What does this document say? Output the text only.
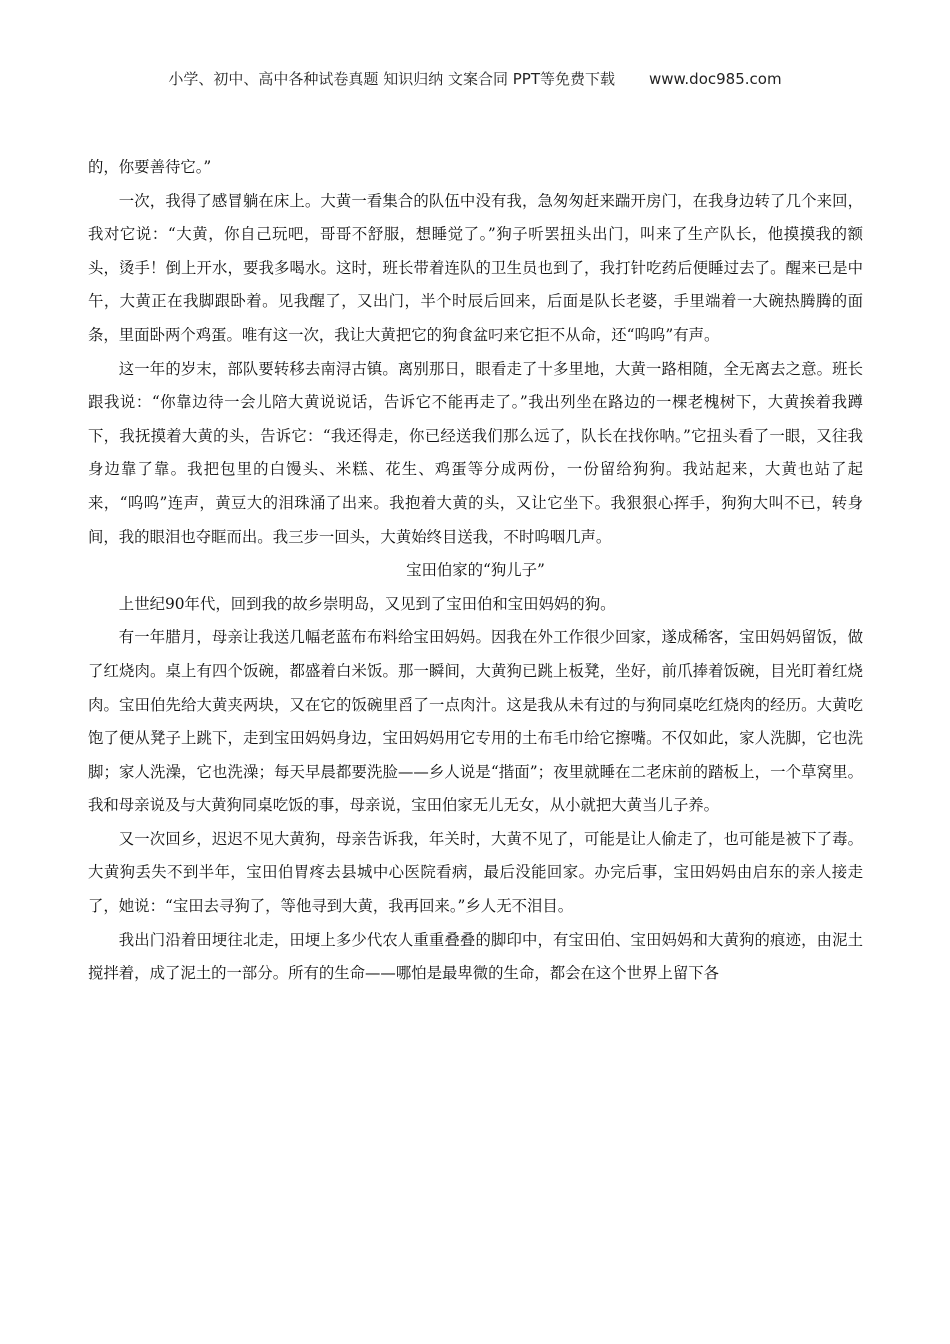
小学、初中、高中各种试卷真题 知识归纳 文案合同 PPT等免费下载 www.doc985.com

的，你要善待它。”

一次，我得了感冒躺在床上。大黄一看集合的队伍中没有我，急匆匆赶来踹开房门，在我身边转了几个来回，我对它说：“大黄，你自己玩吧，哥哥不舒服，想睡觉了。”狗子听罢扭头出门，叫来了生产队长，他摸摸我的额头，烫手！倒上开水，要我多喝水。这时，班长带着连队的卫生员也到了，我打针吃药后便睡过去了。醒来已是中午，大黄正在我脚跟卧着。见我醒了，又出门，半个时辰后回来，后面是队长老婆，手里端着一大碗热腾腾的面条，里面卧两个鸡蛋。唯有这一次，我让大黄把它的狗食盆叼来它拒不从命，还“呜呜”有声。

这一年的岁末，部队要转移去南浔古镇。离别那日，眼看走了十多里地，大黄一路相随，全无离去之意。班长跟我说：“你靠边待一会儿陪大黄说说话，告诉它不能再走了。”我出列坐在路边的一棵老槐树下，大黄挨着我蹲下，我抚摸着大黄的头，告诉它：“我还得走，你已经送我们那么远了，队长在找你呐。”它扭头看了一眼，又往我身边靠了靠。我把包里的白馒头、米糕、花生、鸡蛋等分成两份，一份留给狗狗。我站起来，大黄也站了起来，“呜呜”连声，黄豆大的泪珠涌了出来。我抱着大黄的头，又让它坐下。我狠狠心挥手，狗狗大叫不已，转身间，我的眼泪也夺眶而出。我三步一回头，大黄始终目送我，不时呜咽几声。

宝田伯家的“狗儿子”

上世纪90年代，回到我的故乡崇明岛，又见到了宝田伯和宝田妈妈的狗。

有一年腊月，母亲让我送几幅老蓝布布料给宝田妈妈。因我在外工作很少回家，遂成稀客，宝田妈妈留饭，做了红烧肉。桌上有四个饭碗，都盛着白米饭。那一瞬间，大黄狗已跳上板凳，坐好，前爪捧着饭碗，目光盯着红烧肉。宝田伯先给大黄夹两块，又在它的饭碗里舀了一点肉汁。这是我从未有过的与狗同桌吃红烧肉的经历。大黄吃饱了便从凳子上跳下，走到宝田妈妈身边，宝田妈妈用它专用的土布毛巾给它擦嘴。不仅如此，家人洗脚，它也洗脚；家人洗澡，它也洗澡；每天早晨都要洗脸——乡人说是“揩面”；夜里就睡在二老床前的踏板上，一个草窝里。我和母亲说及与大黄狗同桌吃饭的事，母亲说，宝田伯家无儿无女，从小就把大黄当儿子养。

又一次回乡，迟迟不见大黄狗，母亲告诉我，年关时，大黄不见了，可能是让人偷走了，也可能是被下了毒。大黄狗丢失不到半年，宝田伯胃疼去县城中心医院看病，最后没能回家。办完后事，宝田妈妈由启东的亲人接走了，她说：“宝田去寻狗了，等他寻到大黄，我再回来。”乡人无不泪目。

我出门沿着田埂往北走，田埂上多少代农人重重叠叠的脚印中，有宝田伯、宝田妈妈和大黄狗的痕迹，由泥土搅拌着，成了泥土的一部分。所有的生命——哪怕是最卑微的生命，都会在这个世界上留下各
